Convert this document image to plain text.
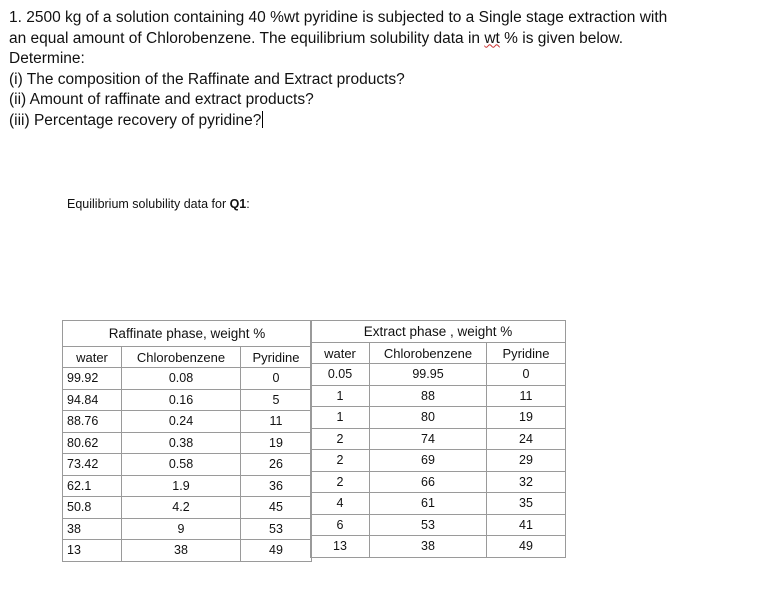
1. 2500 kg of a solution containing 40 %wt pyridine is subjected to a Single stage extraction with

an equal amount of Chlorobenzene. The equilibrium solubility data in wt % is given below.

Determine:

(i) The composition of the Raffinate and Extract products?

(ii) Amount of raffinate and extract products?

(iii) Percentage recovery of pyridine?

Equilibrium solubility data for Q1:
Raffinate phase, weight %		
water	Chlorobenzene	Pyridine
99.92	0.08	0
94.84	0.16	5
88.76	0.24	11
80.62	0.38	19
73.42	0.58	26
62.1	1.9	36
50.8	4.2	45
38	9	53
13	38	49
Extract phase , weight %		
water	Chlorobenzene	Pyridine
0.05	99.95	0
1	88	11
1	80	19
2	74	24
2	69	29
2	66	32
4	61	35
6	53	41
13	38	49
